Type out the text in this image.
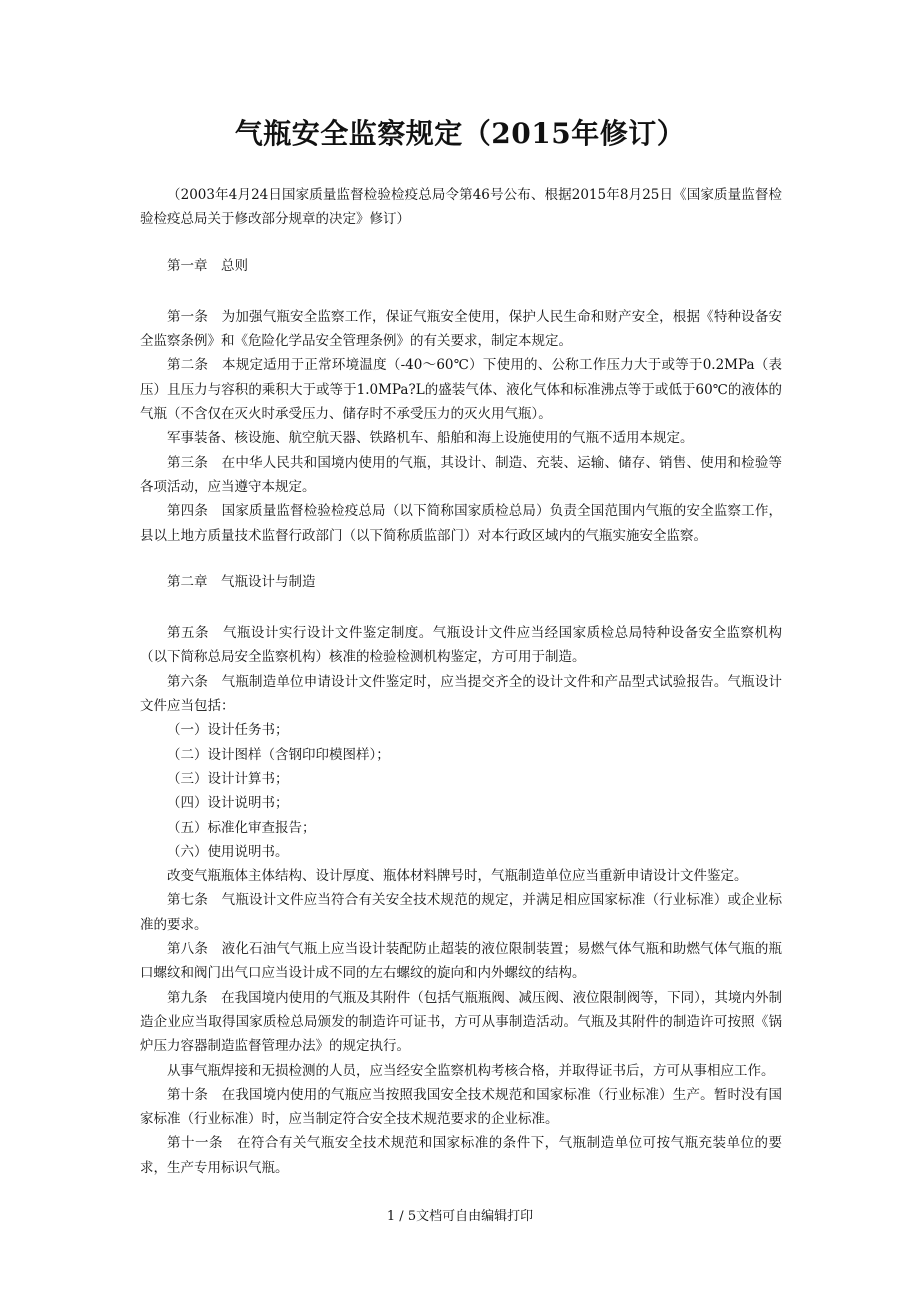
气瓶安全监察规定（2015年修订）

（2003年4月24日国家质量监督检验检疫总局令第46号公布、根据2015年8月25日《国家质量监督检验检疫总局关于修改部分规章的决定》修订）

第一章　总则

第一条　为加强气瓶安全监察工作，保证气瓶安全使用，保护人民生命和财产安全，根据《特种设备安全监察条例》和《危险化学品安全管理条例》的有关要求，制定本规定。

第二条　本规定适用于正常环境温度（-40～60℃）下使用的、公称工作压力大于或等于0.2MPa（表压）且压力与容积的乘积大于或等于1.0MPa?L的盛装气体、液化气体和标准沸点等于或低于60℃的液体的气瓶（不含仅在灭火时承受压力、储存时不承受压力的灭火用气瓶）。

军事装备、核设施、航空航天器、铁路机车、船舶和海上设施使用的气瓶不适用本规定。

第三条　在中华人民共和国境内使用的气瓶，其设计、制造、充装、运输、储存、销售、使用和检验等各项活动，应当遵守本规定。

第四条　国家质量监督检验检疫总局（以下简称国家质检总局）负责全国范围内气瓶的安全监察工作，县以上地方质量技术监督行政部门（以下简称质监部门）对本行政区域内的气瓶实施安全监察。

第二章　气瓶设计与制造

第五条　气瓶设计实行设计文件鉴定制度。气瓶设计文件应当经国家质检总局特种设备安全监察机构（以下简称总局安全监察机构）核准的检验检测机构鉴定，方可用于制造。

第六条　气瓶制造单位申请设计文件鉴定时，应当提交齐全的设计文件和产品型式试验报告。气瓶设计文件应当包括：

（一）设计任务书；

（二）设计图样（含钢印印模图样）；

（三）设计计算书；

（四）设计说明书；

（五）标准化审查报告；

（六）使用说明书。

改变气瓶瓶体主体结构、设计厚度、瓶体材料牌号时，气瓶制造单位应当重新申请设计文件鉴定。

第七条　气瓶设计文件应当符合有关安全技术规范的规定，并满足相应国家标准（行业标准）或企业标准的要求。

第八条　液化石油气气瓶上应当设计装配防止超装的液位限制装置；易燃气体气瓶和助燃气体气瓶的瓶口螺纹和阀门出气口应当设计成不同的左右螺纹的旋向和内外螺纹的结构。

第九条　在我国境内使用的气瓶及其附件（包括气瓶瓶阀、减压阀、液位限制阀等，下同），其境内外制造企业应当取得国家质检总局颁发的制造许可证书，方可从事制造活动。气瓶及其附件的制造许可按照《锅炉压力容器制造监督管理办法》的规定执行。

从事气瓶焊接和无损检测的人员，应当经安全监察机构考核合格，并取得证书后，方可从事相应工作。

第十条　在我国境内使用的气瓶应当按照我国安全技术规范和国家标准（行业标准）生产。暂时没有国家标准（行业标准）时，应当制定符合安全技术规范要求的企业标准。

第十一条　在符合有关气瓶安全技术规范和国家标准的条件下，气瓶制造单位可按气瓶充装单位的要求，生产专用标识气瓶。

1 / 5文档可自由编辑打印
